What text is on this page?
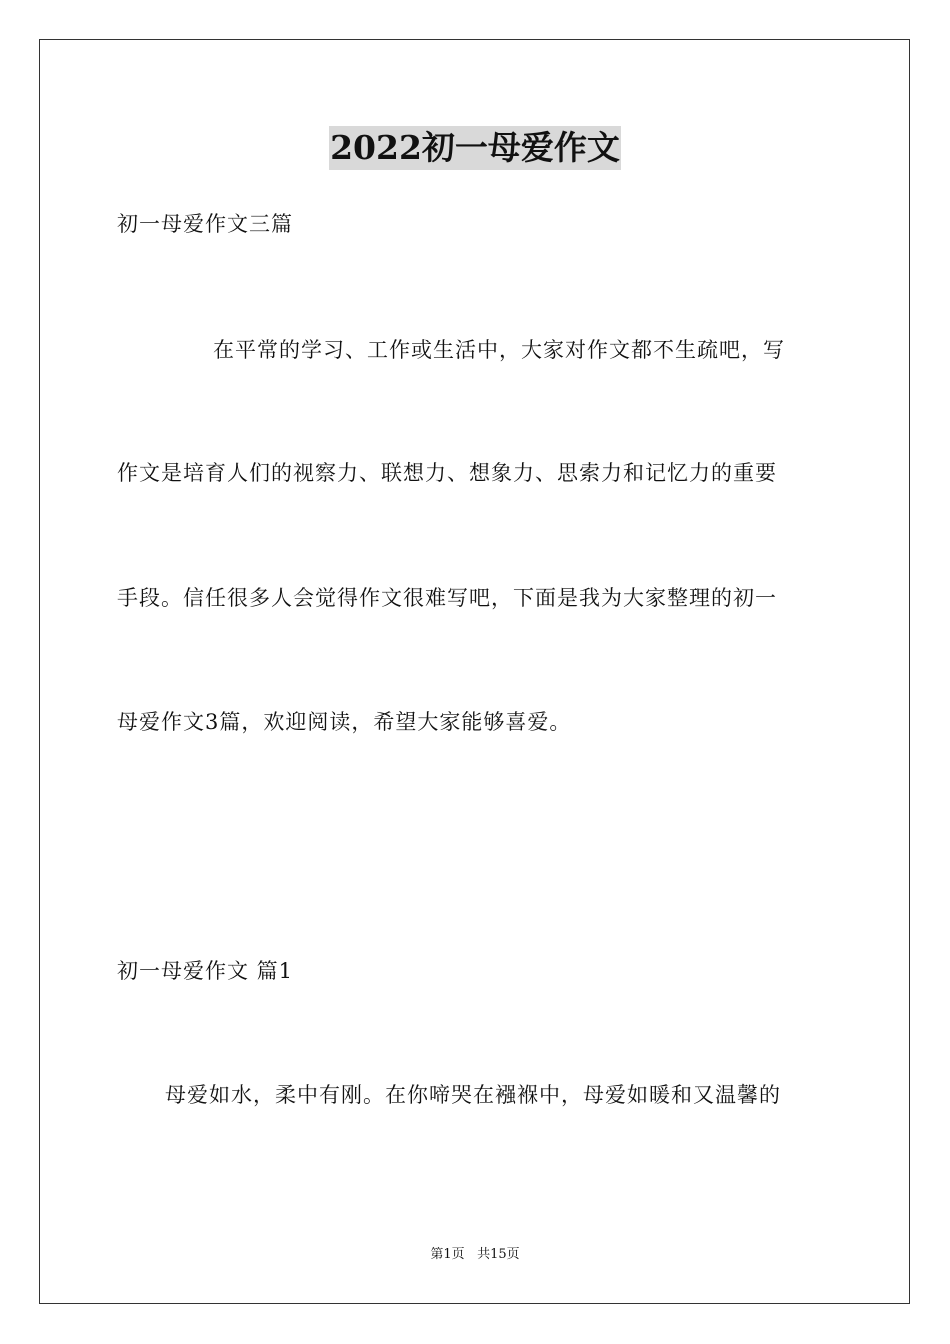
2022初一母爱作文
初一母爱作文三篇
在平常的学习、工作或生活中，大家对作文都不生疏吧，写
作文是培育人们的视察力、联想力、想象力、思索力和记忆力的重要
手段。信任很多人会觉得作文很难写吧，下面是我为大家整理的初一
母爱作文3篇，欢迎阅读，希望大家能够喜爱。
初一母爱作文 篇1
母爱如水，柔中有刚。在你啼哭在襁褓中，母爱如暖和又温馨的
第1页 共15页
